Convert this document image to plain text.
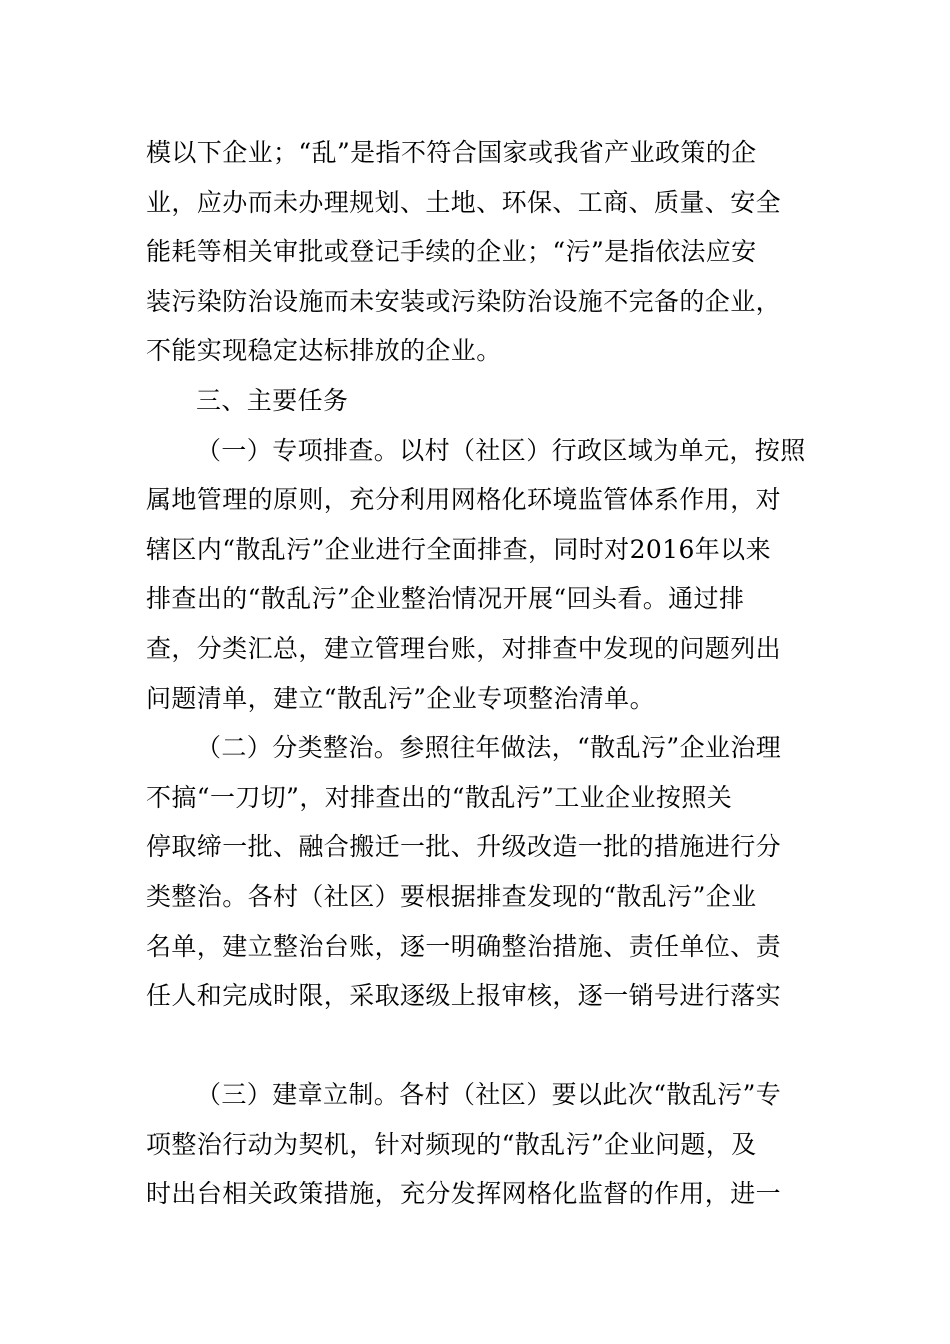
模以下企业；“乱”是指不符合国家或我省产业政策的企
业，应办而未办理规划、土地、环保、工商、质量、安全
能耗等相关审批或登记手续的企业；“污”是指依法应安
装污染防治设施而未安装或污染防治设施不完备的企业，
不能实现稳定达标排放的企业。
三、主要任务
（一）专项排查。以村（社区）行政区域为单元，按照
属地管理的原则，充分利用网格化环境监管体系作用，对
辖区内“散乱污”企业进行全面排查，同时对2016年以来
排查出的“散乱污”企业整治情况开展“回头看。通过排
查，分类汇总，建立管理台账，对排查中发现的问题列出
问题清单，建立“散乱污”企业专项整治清单。
（二）分类整治。参照往年做法，“散乱污”企业治理
不搞“一刀切”，对排查出的“散乱污”工业企业按照关
停取缔一批、融合搬迁一批、升级改造一批的措施进行分
类整治。各村（社区）要根据排查发现的“散乱污”企业
名单，建立整治台账，逐一明确整治措施、责任单位、责
任人和完成时限，采取逐级上报审核，逐一销号进行落实
（三）建章立制。各村（社区）要以此次“散乱污”专
项整治行动为契机，针对频现的“散乱污”企业问题，及
时出台相关政策措施，充分发挥网格化监督的作用，进一
